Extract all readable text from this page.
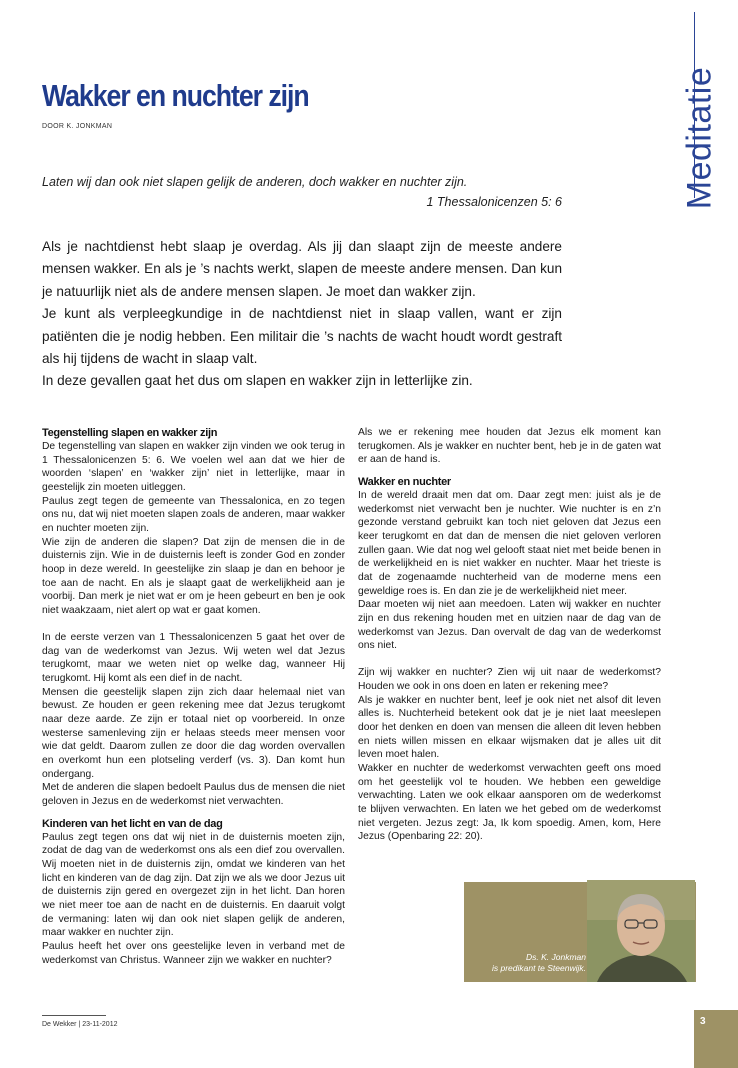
Meditatie
Wakker en nuchter zijn
DOOR K. JONKMAN
Laten wij dan ook niet slapen gelijk de anderen, doch wakker en nuchter zijn.
1 Thessalonicenzen 5: 6

Als je nachtdienst hebt slaap je overdag. Als jij dan slaapt zijn de meeste andere mensen wakker. En als je ’s nachts werkt, slapen de meeste andere mensen. Dan kun je natuurlijk niet als de andere mensen slapen. Je moet dan wakker zijn.

Je kunt als verpleegkundige in de nachtdienst niet in slaap vallen, want er zijn patiënten die je nodig hebben. Een militair die ’s nachts de wacht houdt wordt gestraft als hij tijdens de wacht in slaap valt.

In deze gevallen gaat het dus om slapen en wakker zijn in letterlijke zin.

Tegenstelling slapen en wakker zijn

De tegenstelling van slapen en wakker zijn vinden we ook terug in 1 Thessalonicenzen 5: 6. We voelen wel aan dat we hier de woorden ‘slapen’ en ‘wakker zijn’ niet in letterlijke, maar in geestelijk zin moeten uitleggen.

Paulus zegt tegen de gemeente van Thessalonica, en zo tegen ons nu, dat wij niet moeten slapen zoals de anderen, maar wakker en nuchter moeten zijn.

Wie zijn de anderen die slapen? Dat zijn de mensen die in de duisternis zijn. Wie in de duisternis leeft is zonder God en zonder hoop in deze wereld. In geestelijke zin slaap je dan en behoor je toe aan de nacht. En als je slaapt gaat de werkelijkheid aan je voorbij. Dan merk je niet wat er om je heen gebeurt en ben je ook niet waakzaam, niet alert op wat er gaat komen.

In de eerste verzen van 1 Thessalonicenzen 5 gaat het over de dag van de wederkomst van Jezus. Wij weten wel dat Jezus terugkomt, maar we weten niet op welke dag, wanneer Hij terugkomt. Hij komt als een dief in de nacht.

Mensen die geestelijk slapen zijn zich daar helemaal niet van bewust. Ze houden er geen rekening mee dat Jezus terugkomt naar deze aarde. Ze zijn er totaal niet op voorbereid. In onze westerse samenleving zijn er helaas steeds meer mensen voor wie dat geldt. Daarom zullen ze door die dag worden overvallen en overkomt hun een plotseling verderf (vs. 3). Dan komt hun ondergang.

Met de anderen die slapen bedoelt Paulus dus de mensen die niet geloven in Jezus en de wederkomst niet verwachten.

Kinderen van het licht en van de dag

Paulus zegt tegen ons dat wij niet in de duisternis moeten zijn, zodat de dag van de wederkomst ons als een dief zou overvallen. Wij moeten niet in de duisternis zijn, omdat we kinderen van het licht en kinderen van de dag zijn. Dat zijn we als we door Jezus uit de duisternis zijn gered en overgezet zijn in het licht. Dan horen we niet meer toe aan de nacht en de duisternis. En daaruit volgt de vermaning: laten wij dan ook niet slapen gelijk de anderen, maar wakker en nuchter zijn.

Paulus heeft het over ons geestelijke leven in verband met de wederkomst van Christus. Wanneer zijn we wakker en nuchter?

Als we er rekening mee houden dat Jezus elk moment kan terugkomen. Als je wakker en nuchter bent, heb je in de gaten wat er aan de hand is.

Wakker en nuchter

In de wereld draait men dat om. Daar zegt men: juist als je de wederkomst niet verwacht ben je nuchter. Wie nuchter is en z’n gezonde verstand gebruikt kan toch niet geloven dat Jezus een keer terugkomt en dat dan de mensen die niet geloven verloren zullen gaan. Wie dat nog wel gelooft staat niet met beide benen in de werkelijkheid en is niet wakker en nuchter. Maar het trieste is dat de zogenaamde nuchterheid van de moderne mens een geweldige roes is. En dan zie je de werkelijkheid niet meer.

Daar moeten wij niet aan meedoen. Laten wij wakker en nuchter zijn en dus rekening houden met en uitzien naar de dag van de wederkomst van Jezus. Dan overvalt de dag van de wederkomst ons niet.

Zijn wij wakker en nuchter? Zien wij uit naar de wederkomst? Houden we ook in ons doen en laten er rekening mee?

Als je wakker en nuchter bent, leef je ook niet net alsof dit leven alles is. Nuchterheid betekent ook dat je je niet laat meeslepen door het denken en doen van mensen die alleen dit leven hebben en niets willen missen en elkaar wijsmaken dat je alles uit dit leven moet halen.

Wakker en nuchter de wederkomst verwachten geeft ons moed om het geestelijk vol te houden. We hebben een geweldige verwachting. Laten we ook elkaar aansporen om de wederkomst te blijven verwachten. En laten we het gebed om de wederkomst niet vergeten. Jezus zegt: Ja, Ik kom spoedig. Amen, kom, Here Jezus (Openbaring 22: 20).

Ds. K. Jonkman
is predikant te Steenwijk.
De Wekker | 23-11-2012	3
